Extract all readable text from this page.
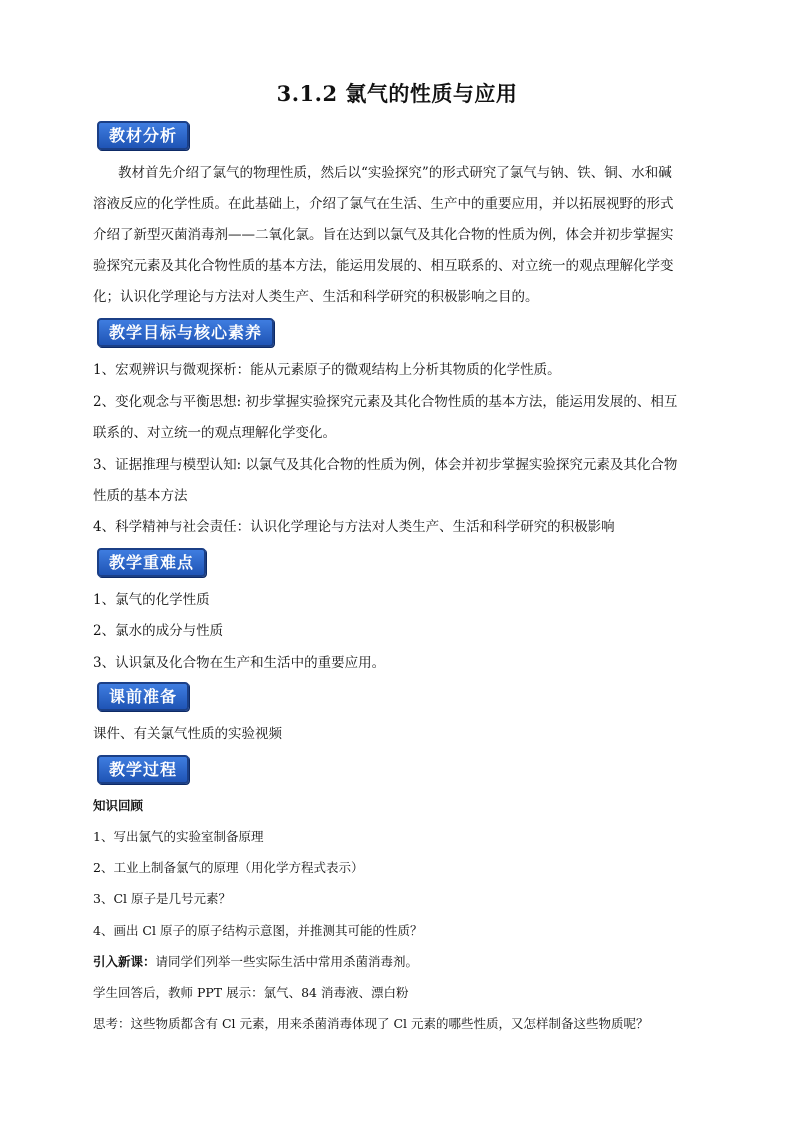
3.1.2 氯气的性质与应用
教材分析
教材首先介绍了氯气的物理性质，然后以“实验探究”的形式研究了氯气与钠、铁、铜、水和碱
溶液反应的化学性质。在此基础上，介绍了氯气在生活、生产中的重要应用，并以拓展视野的形式
介绍了新型灭菌消毒剂——二氧化氯。旨在达到以氯气及其化合物的性质为例，体会并初步掌握实
验探究元素及其化合物性质的基本方法，能运用发展的、相互联系的、对立统一的观点理解化学变
化；认识化学理论与方法对人类生产、生活和科学研究的积极影响之目的。
教学目标与核心素养
1、宏观辨识与微观探析：能从元素原子的微观结构上分析其物质的化学性质。
2、变化观念与平衡思想: 初步掌握实验探究元素及其化合物性质的基本方法，能运用发展的、相互
联系的、对立统一的观点理解化学变化。
3、证据推理与模型认知: 以氯气及其化合物的性质为例，体会并初步掌握实验探究元素及其化合物
性质的基本方法
4、科学精神与社会责任：认识化学理论与方法对人类生产、生活和科学研究的积极影响
教学重难点
1、氯气的化学性质
2、氯水的成分与性质
3、认识氯及化合物在生产和生活中的重要应用。
课前准备
课件、有关氯气性质的实验视频
教学过程
知识回顾
1、写出氯气的实验室制备原理
2、工业上制备氯气的原理（用化学方程式表示）
3、Cl 原子是几号元素？
4、画出 Cl 原子的原子结构示意图，并推测其可能的性质？
引入新课：请同学们列举一些实际生活中常用杀菌消毒剂。
学生回答后，教师 PPT 展示：氯气、84 消毒液、漂白粉
思考：这些物质都含有 Cl 元素，用来杀菌消毒体现了 Cl 元素的哪些性质，又怎样制备这些物质呢？
